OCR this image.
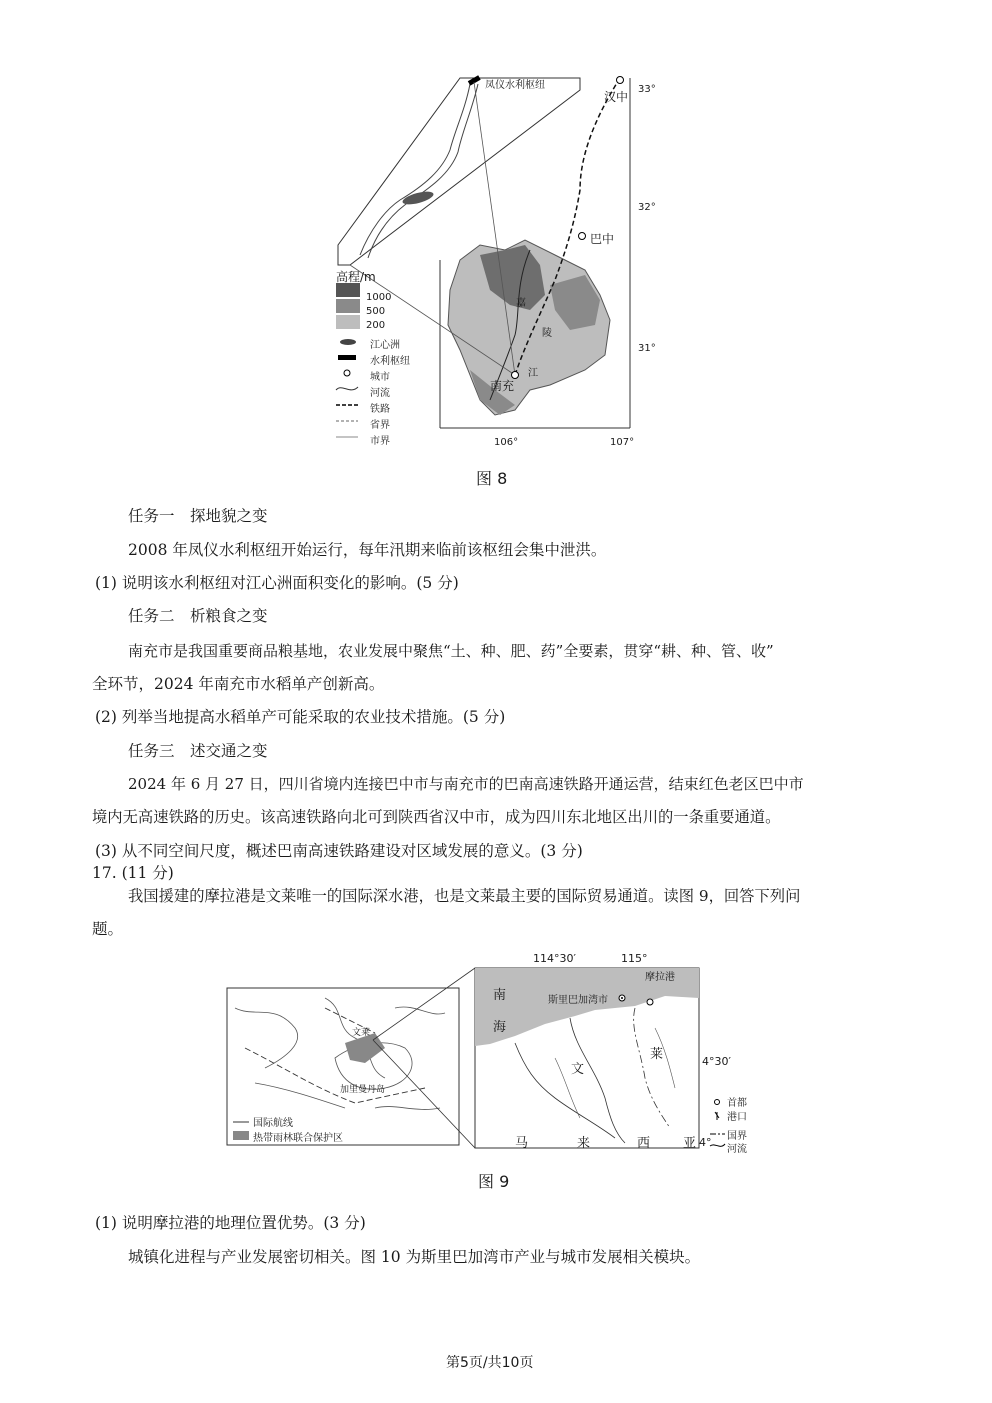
凤仪水利枢纽
高程/m
1000
500
200
江心洲
水利枢纽
城市
河流
铁路
省界
市界
33°
32°
31°
106°	107°
汉中
巴中
南充
嘉
陵
江
图 8
任务一　探地貌之变
2008 年凤仪水利枢纽开始运行，每年汛期来临前该枢纽会集中泄洪。
(1) 说明该水利枢纽对江心洲面积变化的影响。(5 分)
任务二　析粮食之变
南充市是我国重要商品粮基地，农业发展中聚焦“土、种、肥、药”全要素，贯穿“耕、种、管、收”
全环节，2024 年南充市水稻单产创新高。
(2) 列举当地提高水稻单产可能采取的农业技术措施。(5 分)
任务三　述交通之变
2024 年 6 月 27 日，四川省境内连接巴中市与南充市的巴南高速铁路开通运营，结束红色老区巴中市
境内无高速铁路的历史。该高速铁路向北可到陕西省汉中市，成为四川东北地区出川的一条重要通道。
(3) 从不同空间尺度，概述巴南高速铁路建设对区域发展的意义。(3 分)
17. (11 分)
我国援建的摩拉港是文莱唯一的国际深水港，也是文莱最主要的国际贸易通道。读图 9，回答下列问
题。
国际航线
热带雨林联合保护区
文莱
加里曼丹岛
114°30′	115°
南
海
摩拉港
斯里巴加湾市
文
莱
马	来	西	亚
4°30′
4°
首都
港口
国界
河流
图 9
(1) 说明摩拉港的地理位置优势。(3 分)
城镇化进程与产业发展密切相关。图 10 为斯里巴加湾市产业与城市发展相关模块。
第5页/共10页
